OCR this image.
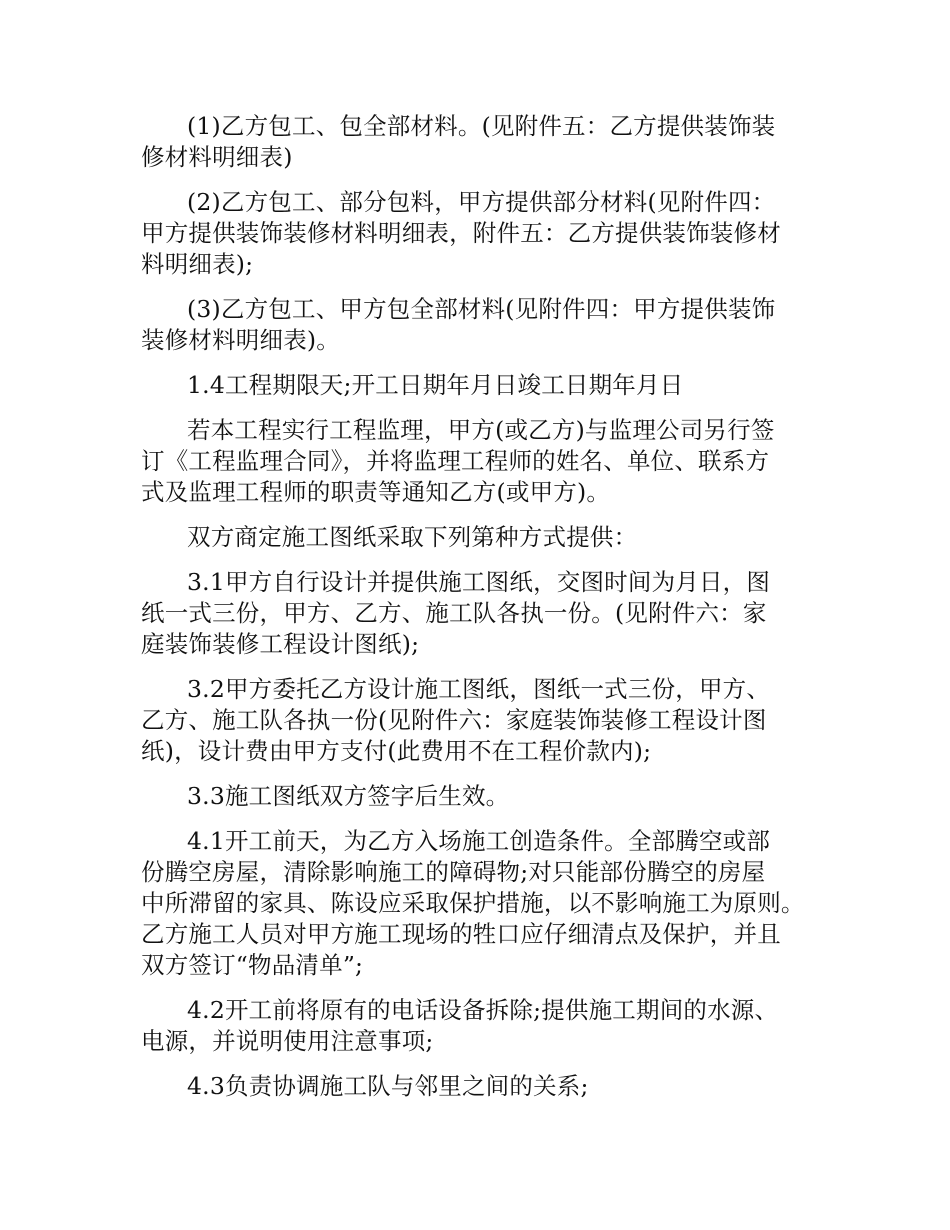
(1)乙方包工、包全部材料。(见附件五：乙方提供装饰装
修材料明细表)

(2)乙方包工、部分包料，甲方提供部分材料(见附件四：
甲方提供装饰装修材料明细表，附件五：乙方提供装饰装修材
料明细表);

(3)乙方包工、甲方包全部材料(见附件四：甲方提供装饰
装修材料明细表)。

1.4工程期限天;开工日期年月日竣工日期年月日

若本工程实行工程监理，甲方(或乙方)与监理公司另行签
订《工程监理合同》，并将监理工程师的姓名、单位、联系方
式及监理工程师的职责等通知乙方(或甲方)。

双方商定施工图纸采取下列第种方式提供：

3.1甲方自行设计并提供施工图纸，交图时间为月日，图
纸一式三份，甲方、乙方、施工队各执一份。(见附件六：家
庭装饰装修工程设计图纸);

3.2甲方委托乙方设计施工图纸，图纸一式三份，甲方、
乙方、施工队各执一份(见附件六：家庭装饰装修工程设计图
纸)，设计费由甲方支付(此费用不在工程价款内);

3.3施工图纸双方签字后生效。

4.1开工前天，为乙方入场施工创造条件。全部腾空或部
份腾空房屋，清除影响施工的障碍物;对只能部份腾空的房屋
中所滞留的家具、陈设应采取保护措施，以不影响施工为原则。
乙方施工人员对甲方施工现场的牲口应仔细清点及保护，并且
双方签订“物品清单”;

4.2开工前将原有的电话设备拆除;提供施工期间的水源、
电源，并说明使用注意事项;

4.3负责协调施工队与邻里之间的关系;
